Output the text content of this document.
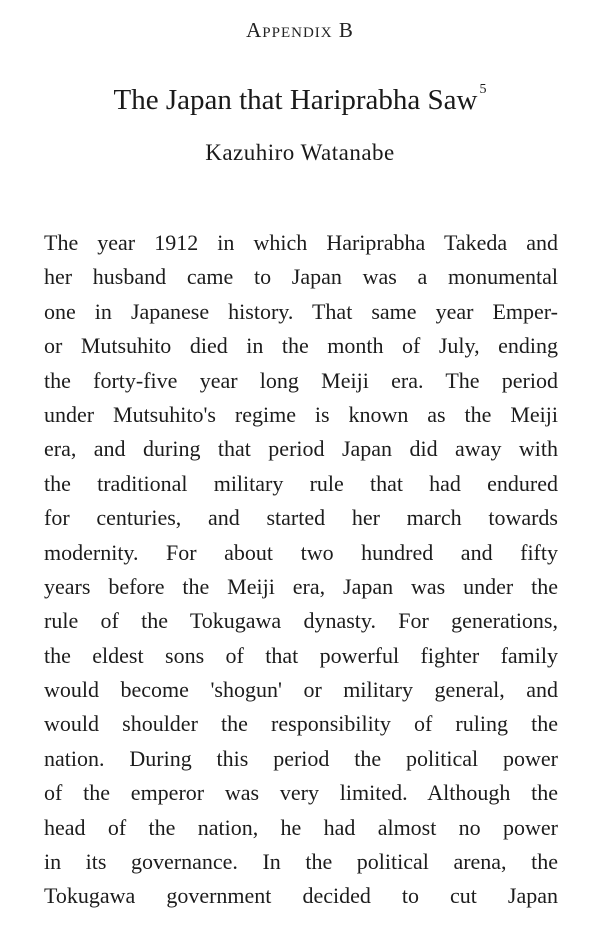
Appendix B
The Japan that Hariprabha Saw $^5$
Kazuhiro Watanabe
The year 1912 in which Hariprabha Takeda and
her husband came to Japan was a monumental
one in Japanese history. That same year Emper-
or Mutsuhito died in the month of July, ending
the forty-five year long Meiji era. The period
under Mutsuhito's regime is known as the Meiji
era, and during that period Japan did away with
the traditional military rule that had endured
for centuries, and started her march towards
modernity. For about two hundred and fifty
years before the Meiji era, Japan was under the
rule of the Tokugawa dynasty. For generations,
the eldest sons of that powerful fighter family
would become 'shogun' or military general, and
would shoulder the responsibility of ruling the
nation. During this period the political power
of the emperor was very limited. Although the
head of the nation, he had almost no power
in its governance. In the political arena, the
Tokugawa government decided to cut Japan
